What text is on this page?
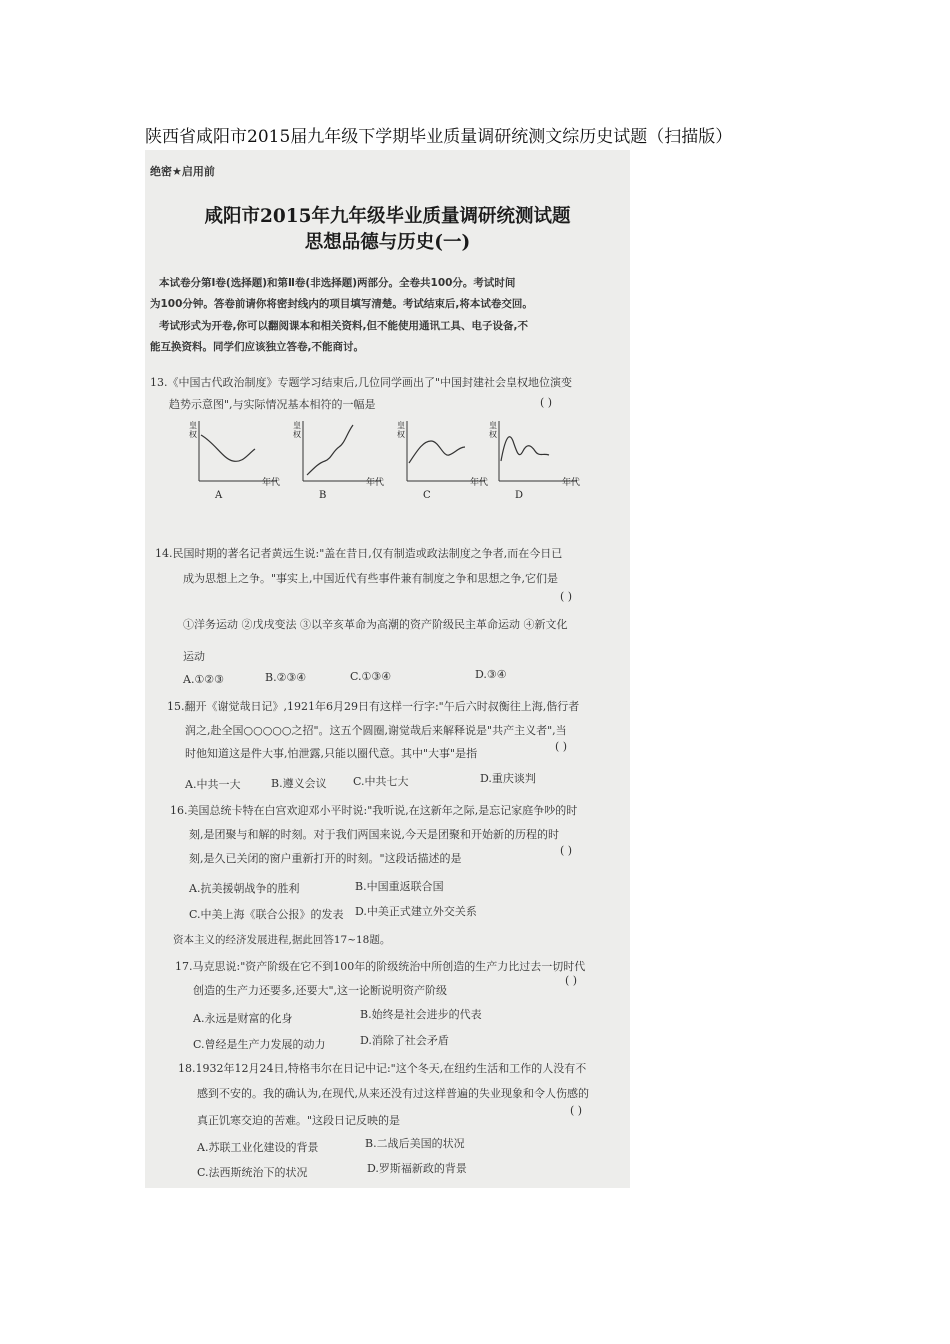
陕西省咸阳市2015届九年级下学期毕业质量调研统测文综历史试题（扫描版）
绝密★启用前
咸阳市2015年九年级毕业质量调研统测试题
思想品德与历史(一)
本试卷分第Ⅰ卷(选择题)和第Ⅱ卷(非选择题)两部分。全卷共100分。考试时间
为100分钟。答卷前请你将密封线内的项目填写清楚。考试结束后,将本试卷交回。
考试形式为开卷,你可以翻阅课本和相关资料,但不能使用通讯工具、电子设备,不
能互换资料。同学们应该独立答卷,不能商讨。
13.《中国古代政治制度》专题学习结束后,几位同学画出了"中国封建社会皇权地位演变
趋势示意图",与实际情况基本相符的一幅是	( )
皇权
年代
A
皇权
年代
B
皇权
年代
C
皇权
年代
D
14.民国时期的著名记者黄远生说:"盖在昔日,仅有制造或政法制度之争者,而在今日已
成为思想上之争。"事实上,中国近代有些事件兼有制度之争和思想之争,它们是
( )
①洋务运动 ②戊戌变法 ③以辛亥革命为高潮的资产阶级民主革命运动 ④新文化
运动
A.①②③	B.②③④	C.①③④	D.③④
15.翻开《谢觉哉日记》,1921年6月29日有这样一行字:"午后六时叔衡往上海,偕行者
润之,赴全国○○○○○之招"。这五个圆圈,谢觉哉后来解释说是"共产主义者",当
时他知道这是件大事,怕泄露,只能以圈代意。其中"大事"是指
( )
A.中共一大	B.遵义会议 C.中共七大	D.重庆谈判
16.美国总统卡特在白宫欢迎邓小平时说:"我听说,在这新年之际,是忘记家庭争吵的时
刻,是团聚与和解的时刻。对于我们两国来说,今天是团聚和开始新的历程的时
刻,是久已关闭的窗户重新打开的时刻。"这段话描述的是
( )
A.抗美援朝战争的胜利	B.中国重返联合国
C.中美上海《联合公报》的发表 D.中美正式建立外交关系
资本主义的经济发展进程,据此回答17~18题。
17.马克思说:"资产阶级在它不到100年的阶级统治中所创造的生产力比过去一切时代
创造的生产力还要多,还要大",这一论断说明资产阶级
( )
A.永远是财富的化身	B.始终是社会进步的代表
C.曾经是生产力发展的动力	D.消除了社会矛盾
18.1932年12月24日,特格韦尔在日记中记:"这个冬天,在纽约生活和工作的人没有不
感到不安的。我的确认为,在现代,从来还没有过这样普遍的失业现象和令人伤感的
真正饥寒交迫的苦难。"这段日记反映的是
( )
A.苏联工业化建设的背景	B.二战后美国的状况
C.法西斯统治下的状况	D.罗斯福新政的背景
